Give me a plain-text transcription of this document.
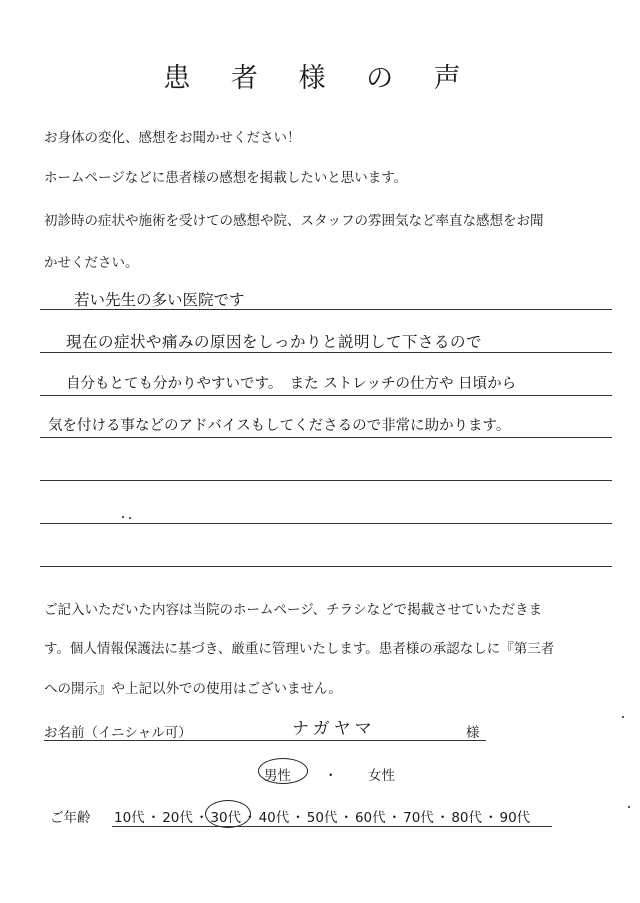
患 者 様 の 声
お身体の変化、感想をお聞かせください！
ホームページなどに患者様の感想を掲載したいと思います。
初診時の症状や施術を受けての感想や院、スタッフの雰囲気など率直な感想をお聞
かせください。
若い先生の多い医院です
現在の症状や痛みの原因をしっかりと説明して下さるので
自分もとても分かりやすいです。　また ストレッチの仕方や 日頃から
気を付ける事などのアドバイスもしてくださるので非常に助かります。
ご記入いただいた内容は当院のホームページ、チラシなどで掲載させていただきま
す。個人情報保護法に基づき、厳重に管理いたします。患者様の承認なしに『第三者
への開示』や上記以外での使用はございません。
お名前（イニシャル可）	ナガヤマ	様
男性 ・ 女性
ご年齢 10代 ・ 20代 ・ 30代 ・ 40代 ・ 50代 ・ 60代 ・ 70代 ・ 80代 ・ 90代
